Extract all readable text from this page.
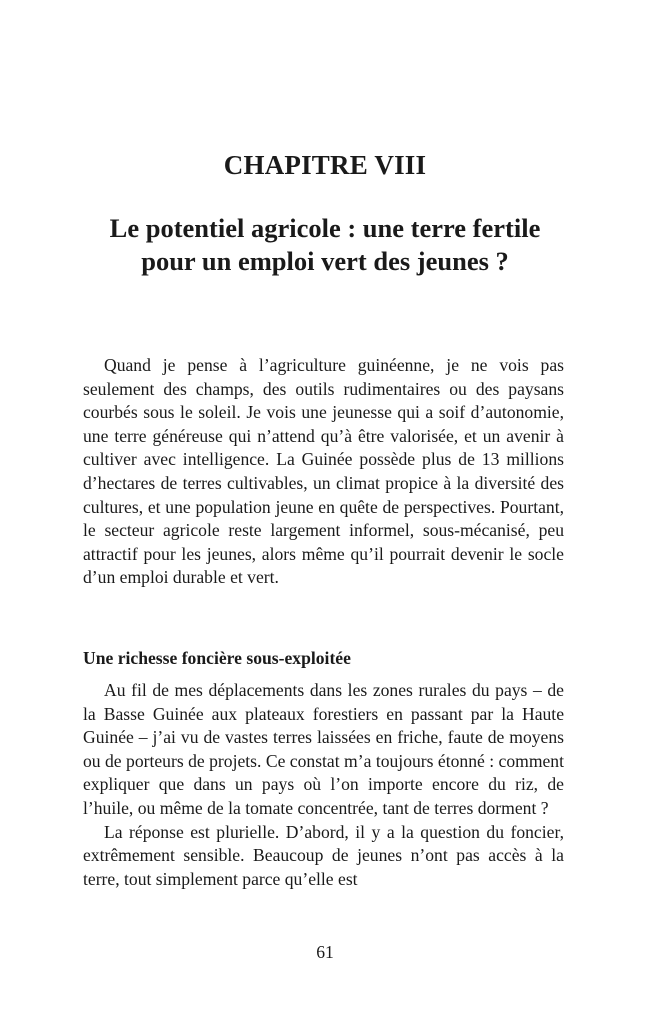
CHAPITRE VIII
Le potentiel agricole : une terre fertile
pour un emploi vert des jeunes ?

Quand je pense à l’agriculture guinéenne, je ne vois pas seulement des champs, des outils rudimentaires ou des paysans courbés sous le soleil. Je vois une jeunesse qui a soif d’autonomie, une terre généreuse qui n’attend qu’à être valorisée, et un avenir à cultiver avec intelligence. La Guinée possède plus de 13 millions d’hectares de terres cultivables, un climat propice à la diversité des cultures, et une population jeune en quête de perspectives. Pourtant, le secteur agricole reste largement informel, sous-mécanisé, peu attractif pour les jeunes, alors même qu’il pourrait devenir le socle d’un emploi durable et vert.

Une richesse foncière sous-exploitée

Au fil de mes déplacements dans les zones rurales du pays – de la Basse Guinée aux plateaux forestiers en passant par la Haute Guinée – j’ai vu de vastes terres laissées en friche, faute de moyens ou de porteurs de projets. Ce constat m’a toujours étonné : comment expliquer que dans un pays où l’on importe encore du riz, de l’huile, ou même de la tomate concentrée, tant de terres dorment ?

La réponse est plurielle. D’abord, il y a la question du foncier, extrêmement sensible. Beaucoup de jeunes n’ont pas accès à la terre, tout simplement parce qu’elle est

61
